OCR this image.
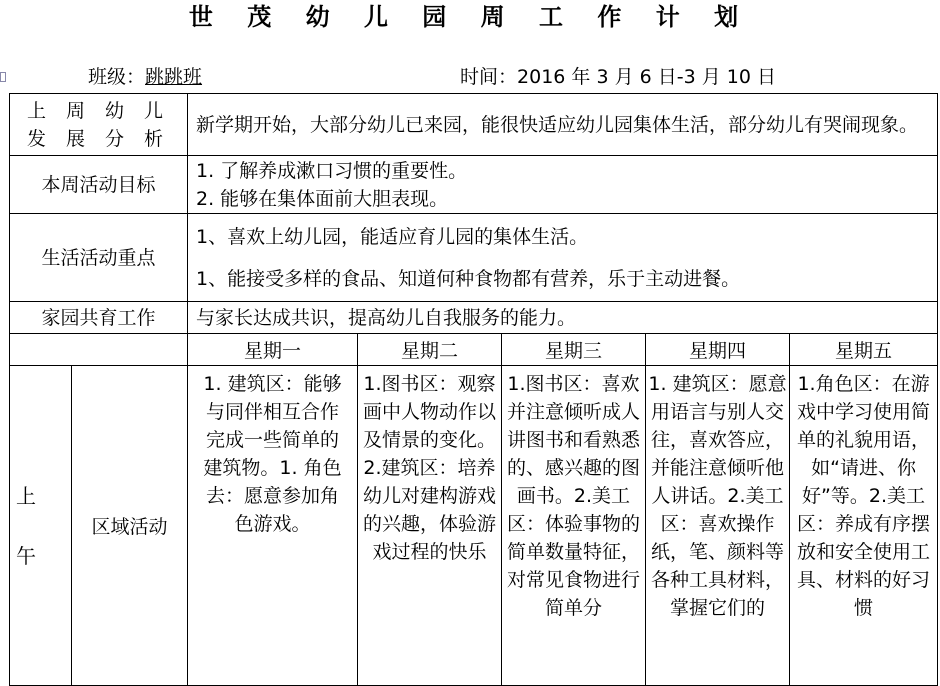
世 茂 幼 儿 园 周 工 作 计 划
班级：跳跳班	时间：2016 年 3 月 6 日-3 月 10 日
上 周 幼 儿
发 展 分 析		新学期开始，大部分幼儿已来园，能很快适应幼儿园集体生活，部分幼儿有哭闹现象。				
本周活动目标		1. 了解养成漱口习惯的重要性。
2. 能够在集体面前大胆表现。				

生活活动重点		1、喜欢上幼儿园，能适应育儿园的集体生活。
1、能接受多样的食品、知道何种食物都有营养，乐于主动进餐。				

家园共育工作		与家长达成共识，提高幼儿自我服务的能力。				
		星期一	星期二	星期三	星期四	星期五

上
午	区域活动	1. 建筑区：能够与同伴相互合作完成一些简单的建筑物。1. 角色去：愿意参加角色游戏。	1.图书区：观察画中人物动作以及情景的变化。2.建筑区：培养幼儿对建构游戏的兴趣，体验游戏过程的快乐	1.图书区：喜欢并注意倾听成人讲图书和看熟悉的、感兴趣的图画书。2.美工区：体验事物的简单数量特征，对常见食物进行简单分	1. 建筑区：愿意用语言与别人交往，喜欢答应，并能注意倾听他人讲话。2.美工区：喜欢操作纸，笔、颜料等各种工具材料，掌握它们的	1.角色区：在游戏中学习使用简单的礼貌用语，如“请进、你好”等。2.美工区：养成有序摆放和安全使用工具、材料的好习惯
